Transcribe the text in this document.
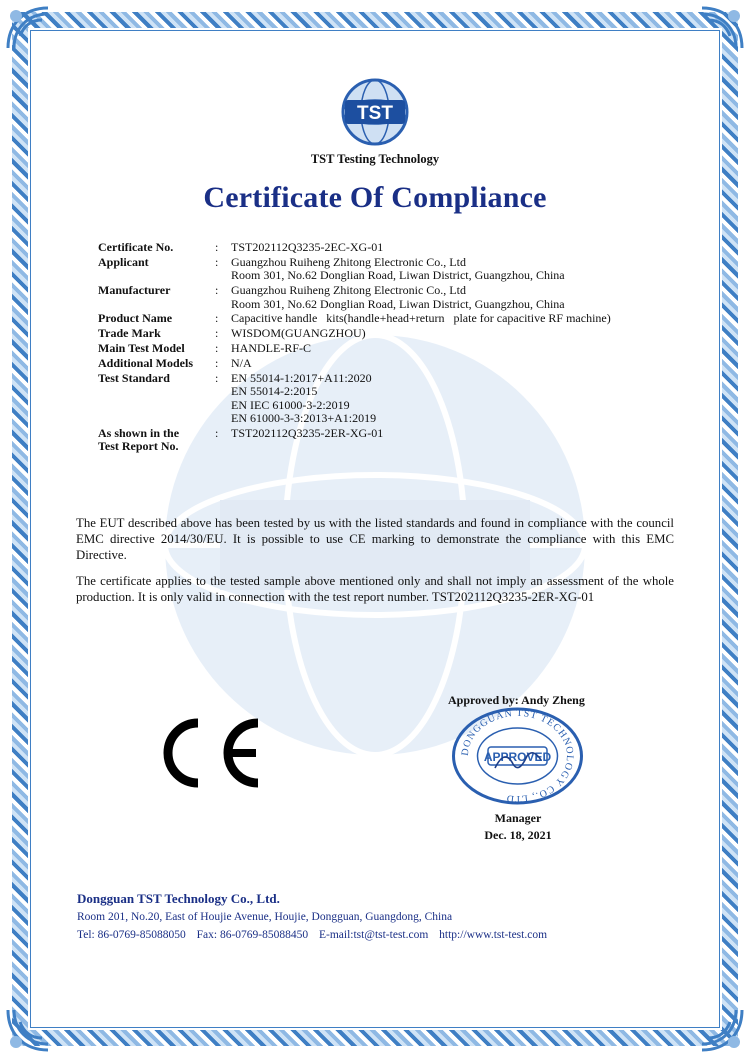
TST
TST Testing Technology
Certificate Of Compliance
Certificate No.	:	TST202112Q3235-2EC-XG-01
Applicant	:	Guangzhou Ruiheng Zhitong Electronic Co., Ltd
Room 301, No.62 Donglian Road, Liwan District, Guangzhou, China
Manufacturer	:	Guangzhou Ruiheng Zhitong Electronic Co., Ltd
Room 301, No.62 Donglian Road, Liwan District, Guangzhou, China
Product Name	:	Capacitive handle   kits(handle+head+return   plate for capacitive RF machine)
Trade Mark	:	WISDOM(GUANGZHOU)
Main Test Model	:	HANDLE-RF-C
Additional Models	:	N/A
Test Standard	:	EN 55014-1:2017+A11:2020
EN 55014-2:2015
EN IEC 61000-3-2:2019
EN 61000-3-3:2013+A1:2019
As shown in the
Test Report No.
:	TST202112Q3235-2ER-XG-01
The EUT described above has been tested by us with the listed standards and found in compliance with the council EMC directive 2014/30/EU. It is possible to use CE marking to demonstrate the compliance with this EMC Directive.
The certificate applies to the tested sample above mentioned only and shall not imply an assessment of the whole production. It is only valid in connection with the test report number. TST202112Q3235-2ER-XG-01
Approved by: Andy Zheng
DONGGUAN TST TECHNOLOGY CO., LTD
APPROVED
Manager
Dec. 18, 2021
Dongguan TST Technology Co., Ltd.
Room 201, No.20, East of Houjie Avenue, Houjie, Dongguan, Guangdong, China
Tel: 86-0769-85088050 Fax: 86-0769-85088450 E-mail:tst@tst-test.com http://www.tst-test.com
